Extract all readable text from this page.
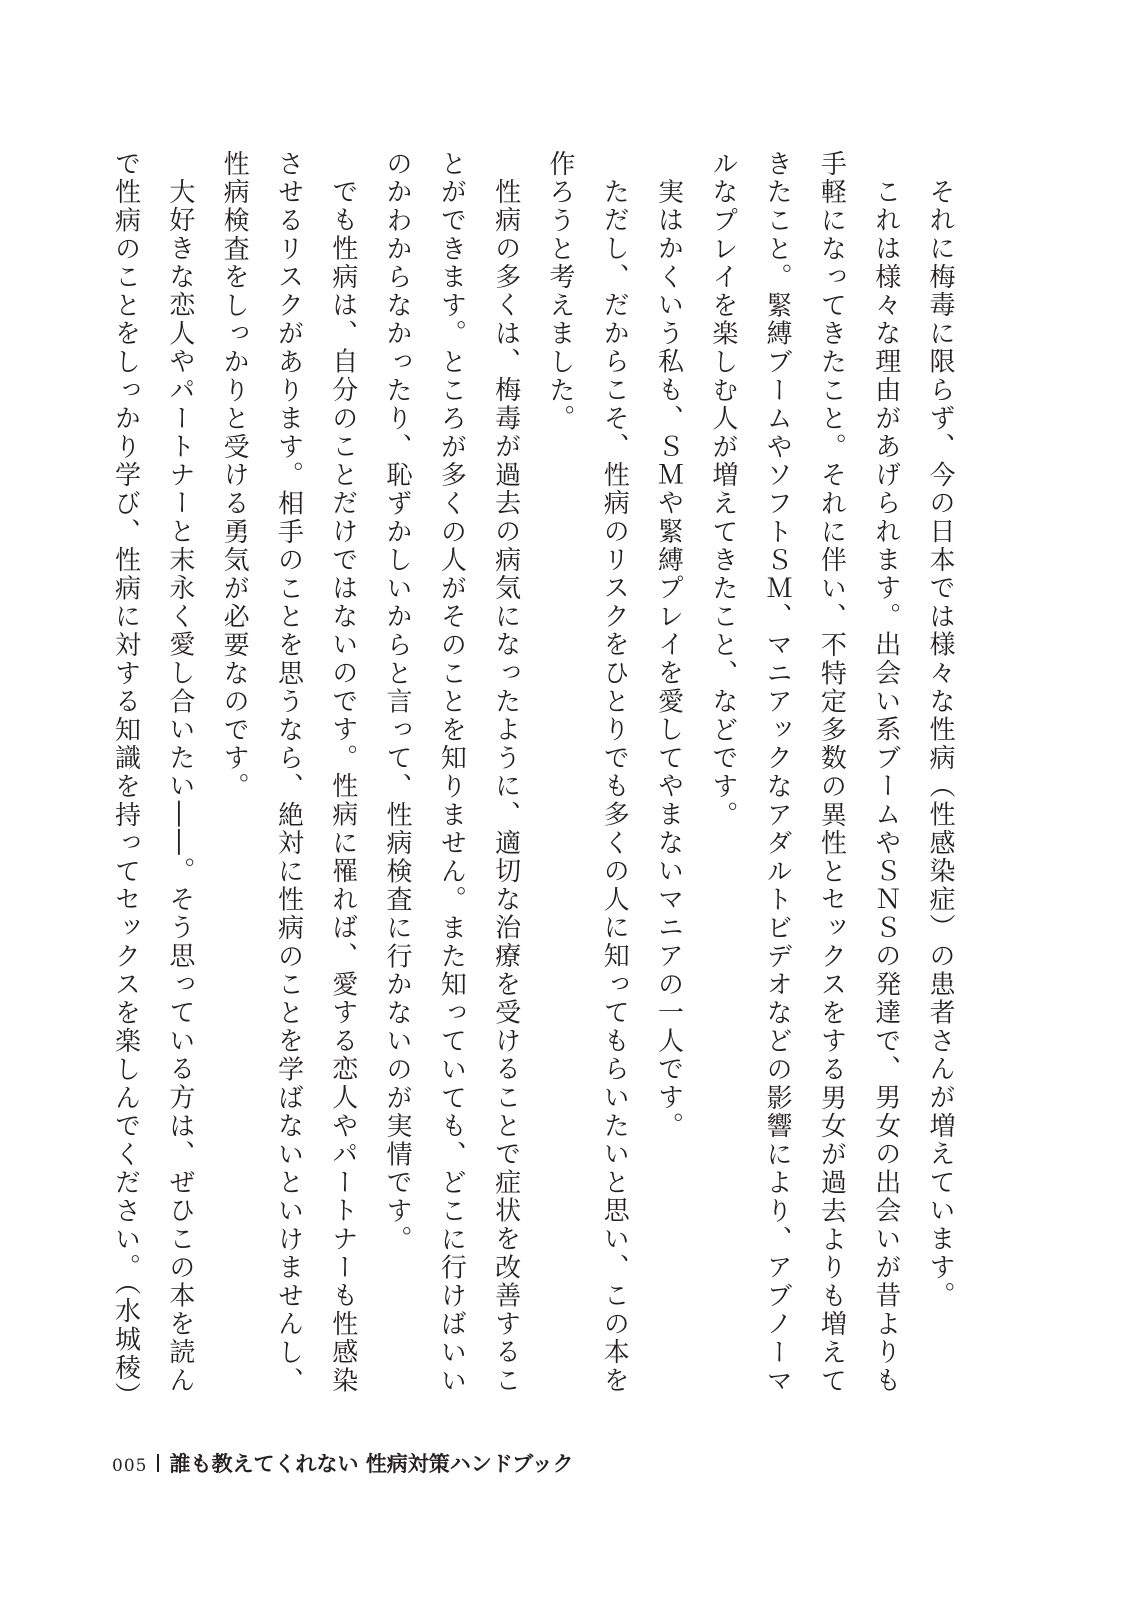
それに梅毒に限らず、今の日本では様々な性病（性感染症）の患者さんが増えています。
これは様々な理由があげられます。出会い系ブームやＳＮＳの発達で、男女の出会いが昔よりも
手軽になってきたこと。それに伴い、不特定多数の異性とセックスをする男女が過去よりも増えて
きたこと。緊縛ブームやソフトＳＭ、マニアックなアダルトビデオなどの影響により、アブノーマ
ルなプレイを楽しむ人が増えてきたこと、などです。
実はかくいう私も、ＳＭや緊縛プレイを愛してやまないマニアの一人です。
ただし、だからこそ、性病のリスクをひとりでも多くの人に知ってもらいたいと思い、この本を
作ろうと考えました。
性病の多くは、梅毒が過去の病気になったように、適切な治療を受けることで症状を改善するこ
とができます。ところが多くの人がそのことを知りません。また知っていても、どこに行けばいい
のかわからなかったり、恥ずかしいからと言って、性病検査に行かないのが実情です。
でも性病は、自分のことだけではないのです。性病に罹れば、愛する恋人やパートナーも性感染
させるリスクがあります。相手のことを思うなら、絶対に性病のことを学ばないといけませんし、
性病検査をしっかりと受ける勇気が必要なのです。
大好きな恋人やパートナーと末永く愛し合いたい――。そう思っている方は、ぜひこの本を読ん
で性病のことをしっかり学び、性病に対する知識を持ってセックスを楽しんでください。（水城稜）
005 誰も教えてくれない 性病対策ハンドブック
